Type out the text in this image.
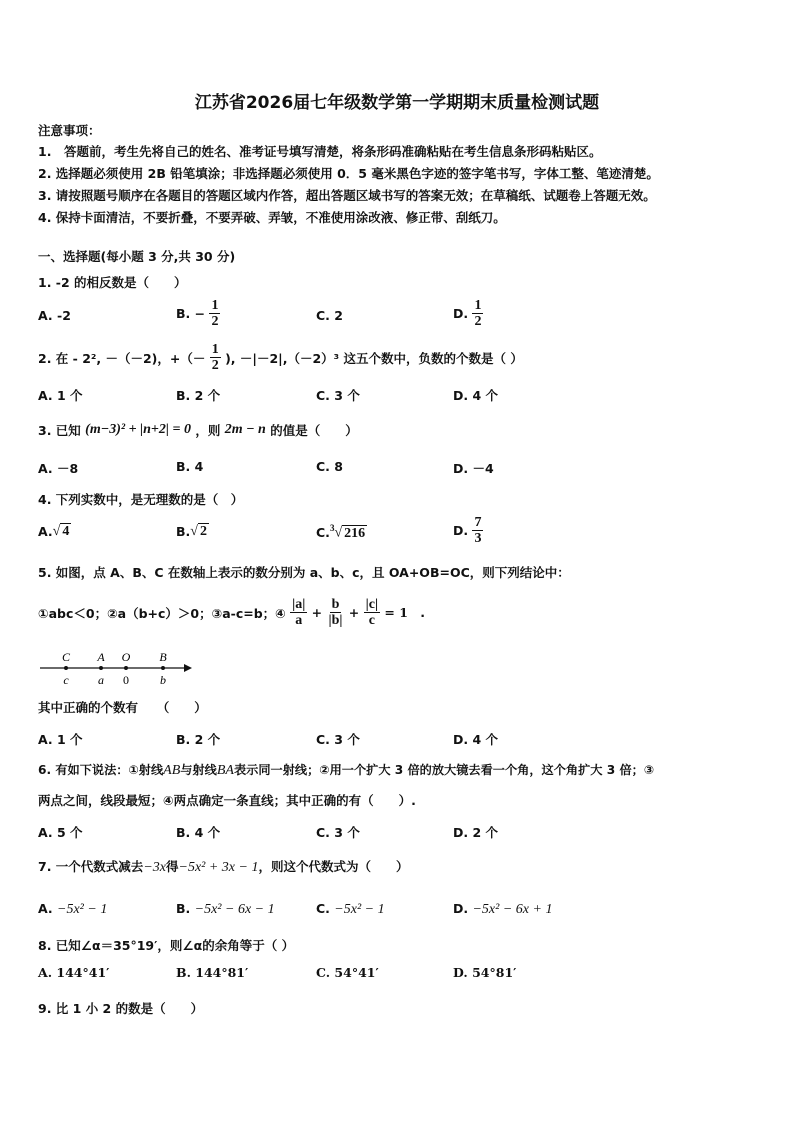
江苏省2026届七年级数学第一学期期末质量检测试题
注意事项：
1.　答题前，考生先将自己的姓名、准考证号填写清楚，将条形码准确粘贴在考生信息条形码粘贴区。
2. 选择题必须使用 2B 铅笔填涂；非选择题必须使用 0．5 毫米黑色字迹的签字笔书写，字体工整、笔迹清楚。
3. 请按照题号顺序在各题目的答题区域内作答，超出答题区域书写的答案无效；在草稿纸、试题卷上答题无效。
4. 保持卡面清洁，不要折叠，不要弄破、弄皱，不准使用涂改液、修正带、刮纸刀。
一、选择题(每小题 3 分,共 30 分)
1. -2 的相反数是（　　）
A. -2	B. − $\frac{1}{2}$	C. 2	D. $\frac{1}{2}$
2. 在 - 2², －（－2)，+（－ $\frac{1}{2}$ ), －|－2|,（－2）³ 这五个数中，负数的个数是（ ）
A. 1 个	B. 2 个	C. 3 个	D. 4 个
3. 已知 (m−3)² + |n+2| = 0 ，则 2m − n 的值是（　　）
A. －8	B. 4	C. 8	D. －4
4. 下列实数中，是无理数的是（　）
A.√ 4	B.√ 2	C.$^3$√ 216	D. $\frac{7}{3}$
5. 如图，点 A、B、C 在数轴上表示的数分别为 a、b、c，且 OA+OB=OC，则下列结论中：
①abc＜0；②a（b+c）＞0；③a-c=b；④ $\frac{|a|}{a} + \frac{b}{|b|} + \frac{|c|}{c} = 1$ .
C A O B
c a 0	b
其中正确的个数有　　（　　）
A. 1 个	B. 2 个	C. 3 个	D. 4 个
6. 有如下说法：①射线AB与射线BA表示同一射线；②用一个扩大 3 倍的放大镜去看一个角，这个角扩大 3 倍；③
两点之间，线段最短；④两点确定一条直线；其中正确的有（　　）.
A. 5 个	B. 4 个	C. 3 个	D. 2 个
7. 一个代数式减去−3x得−5x² + 3x − 1，则这个代数式为（　　）
A. −5x² − 1	B. −5x² − 6x − 1	C. −5x² − 1	D. −5x² − 6x + 1
8. 已知∠α＝35°19′，则∠α的余角等于（ ）
A. 144°41′	B. 144°81′	C. 54°41′	D. 54°81′
9. 比 1 小 2 的数是（　　）
